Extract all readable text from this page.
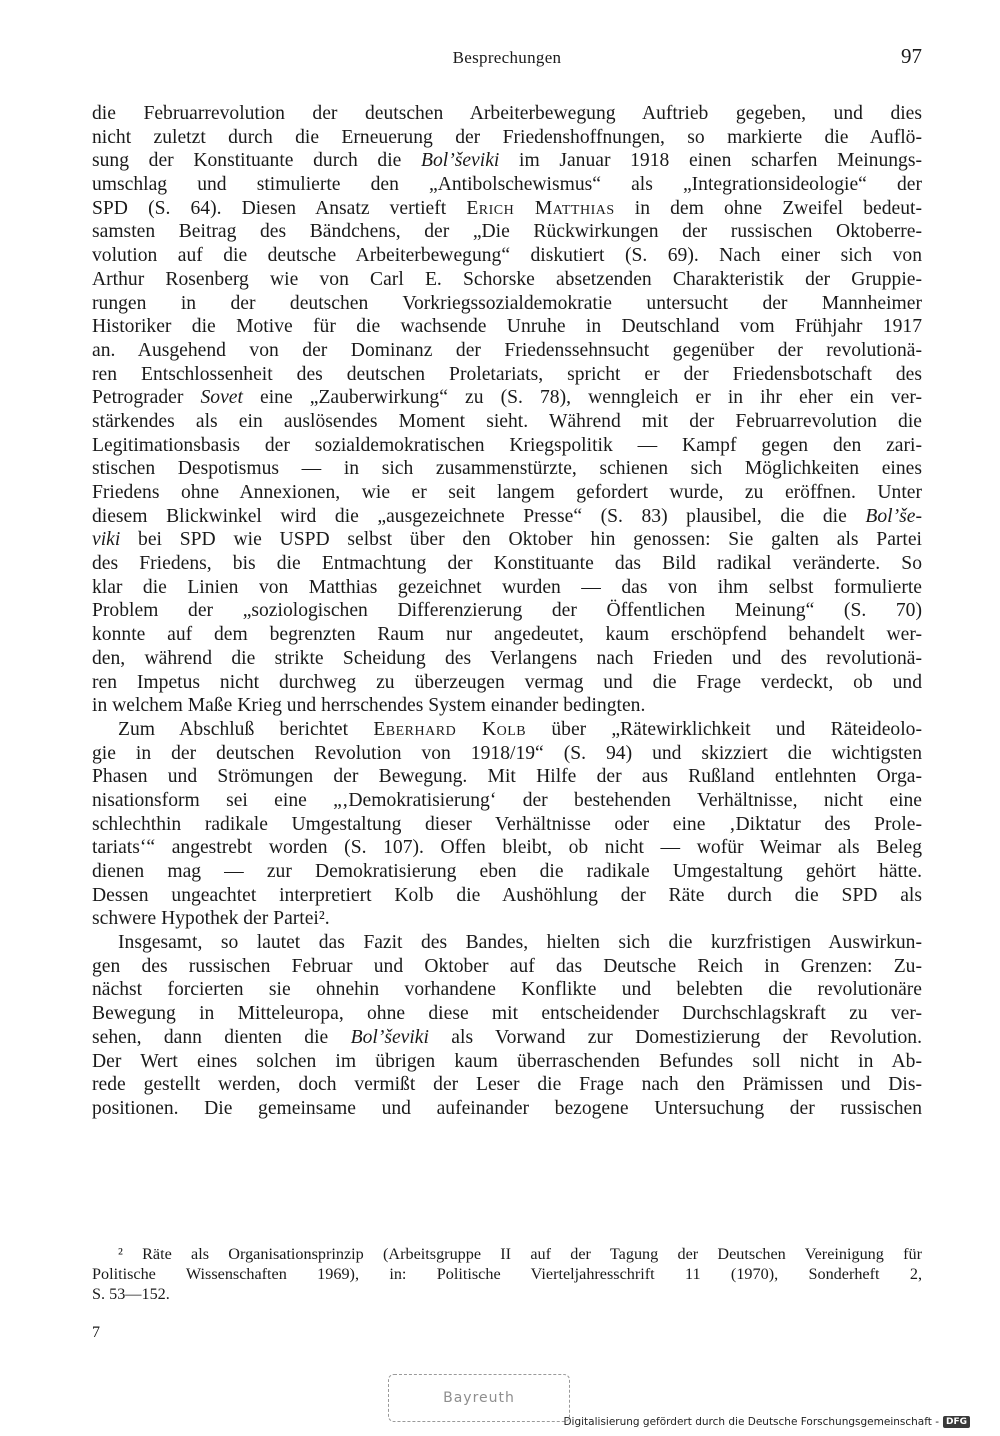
Besprechungen	97
die Februarrevolution der deutschen Arbeiterbewegung Auftrieb gegeben, und dies
nicht zuletzt durch die Erneuerung der Friedenshoffnungen, so markierte die Auflö-
sung der Konstituante durch die Bol’ševiki im Januar 1918 einen scharfen Meinungs-
umschlag und stimulierte den „Antibolschewismus“ als „Integrationsideologie“ der
SPD (S. 64). Diesen Ansatz vertieft Erich Matthias in dem ohne Zweifel bedeut-
samsten Beitrag des Bändchens, der „Die Rückwirkungen der russischen Oktoberre-
volution auf die deutsche Arbeiterbewegung“ diskutiert (S. 69). Nach einer sich von
Arthur Rosenberg wie von Carl E. Schorske absetzenden Charakteristik der Gruppie-
rungen in der deutschen Vorkriegssozialdemokratie untersucht der Mannheimer
Historiker die Motive für die wachsende Unruhe in Deutschland vom Frühjahr 1917
an. Ausgehend von der Dominanz der Friedenssehnsucht gegenüber der revolutionä-
ren Entschlossenheit des deutschen Proletariats, spricht er der Friedensbotschaft des
Petrograder Sovet eine „Zauberwirkung“ zu (S. 78), wenngleich er in ihr eher ein ver-
stärkendes als ein auslösendes Moment sieht. Während mit der Februarrevolution die
Legitimationsbasis der sozialdemokratischen Kriegspolitik — Kampf gegen den zari-
stischen Despotismus — in sich zusammenstürzte, schienen sich Möglichkeiten eines
Friedens ohne Annexionen, wie er seit langem gefordert wurde, zu eröffnen. Unter
diesem Blickwinkel wird die „ausgezeichnete Presse“ (S. 83) plausibel, die die Bol’še-
viki bei SPD wie USPD selbst über den Oktober hin genossen: Sie galten als Partei
des Friedens, bis die Entmachtung der Konstituante das Bild radikal veränderte. So
klar die Linien von Matthias gezeichnet wurden — das von ihm selbst formulierte
Problem der „soziologischen Differenzierung der Öffentlichen Meinung“ (S. 70)
konnte auf dem begrenzten Raum nur angedeutet, kaum erschöpfend behandelt wer-
den, während die strikte Scheidung des Verlangens nach Frieden und des revolutionä-
ren Impetus nicht durchweg zu überzeugen vermag und die Frage verdeckt, ob und
in welchem Maße Krieg und herrschendes System einander bedingten.
Zum Abschluß berichtet Eberhard Kolb über „Rätewirklichkeit und Räteideolo-
gie in der deutschen Revolution von 1918/19“ (S. 94) und skizziert die wichtigsten
Phasen und Strömungen der Bewegung. Mit Hilfe der aus Rußland entlehnten Orga-
nisationsform sei eine „‚Demokratisierung‘ der bestehenden Verhältnisse, nicht eine
schlechthin radikale Umgestaltung dieser Verhältnisse oder eine ‚Diktatur des Prole-
tariats‘“ angestrebt worden (S. 107). Offen bleibt, ob nicht — wofür Weimar als Beleg
dienen mag — zur Demokratisierung eben die radikale Umgestaltung gehört hätte.
Dessen ungeachtet interpretiert Kolb die Aushöhlung der Räte durch die SPD als
schwere Hypothek der Partei².
Insgesamt, so lautet das Fazit des Bandes, hielten sich die kurzfristigen Auswirkun-
gen des russischen Februar und Oktober auf das Deutsche Reich in Grenzen: Zu-
nächst forcierten sie ohnehin vorhandene Konflikte und belebten die revolutionäre
Bewegung in Mitteleuropa, ohne diese mit entscheidender Durchschlagskraft zu ver-
sehen, dann dienten die Bol’ševiki als Vorwand zur Domestizierung der Revolution.
Der Wert eines solchen im übrigen kaum überraschenden Befundes soll nicht in Ab-
rede gestellt werden, doch vermißt der Leser die Frage nach den Prämissen und Dis-
positionen. Die gemeinsame und aufeinander bezogene Untersuchung der russischen
² Räte als Organisationsprinzip (Arbeitsgruppe II auf der Tagung der Deutschen Vereinigung für
Politische Wissenschaften 1969), in: Politische Vierteljahresschrift 11 (1970), Sonderheft 2,
S. 53—152.
7
Bayreuth
Digitalisierung gefördert durch die Deutsche Forschungsgemeinschaft - DFG
